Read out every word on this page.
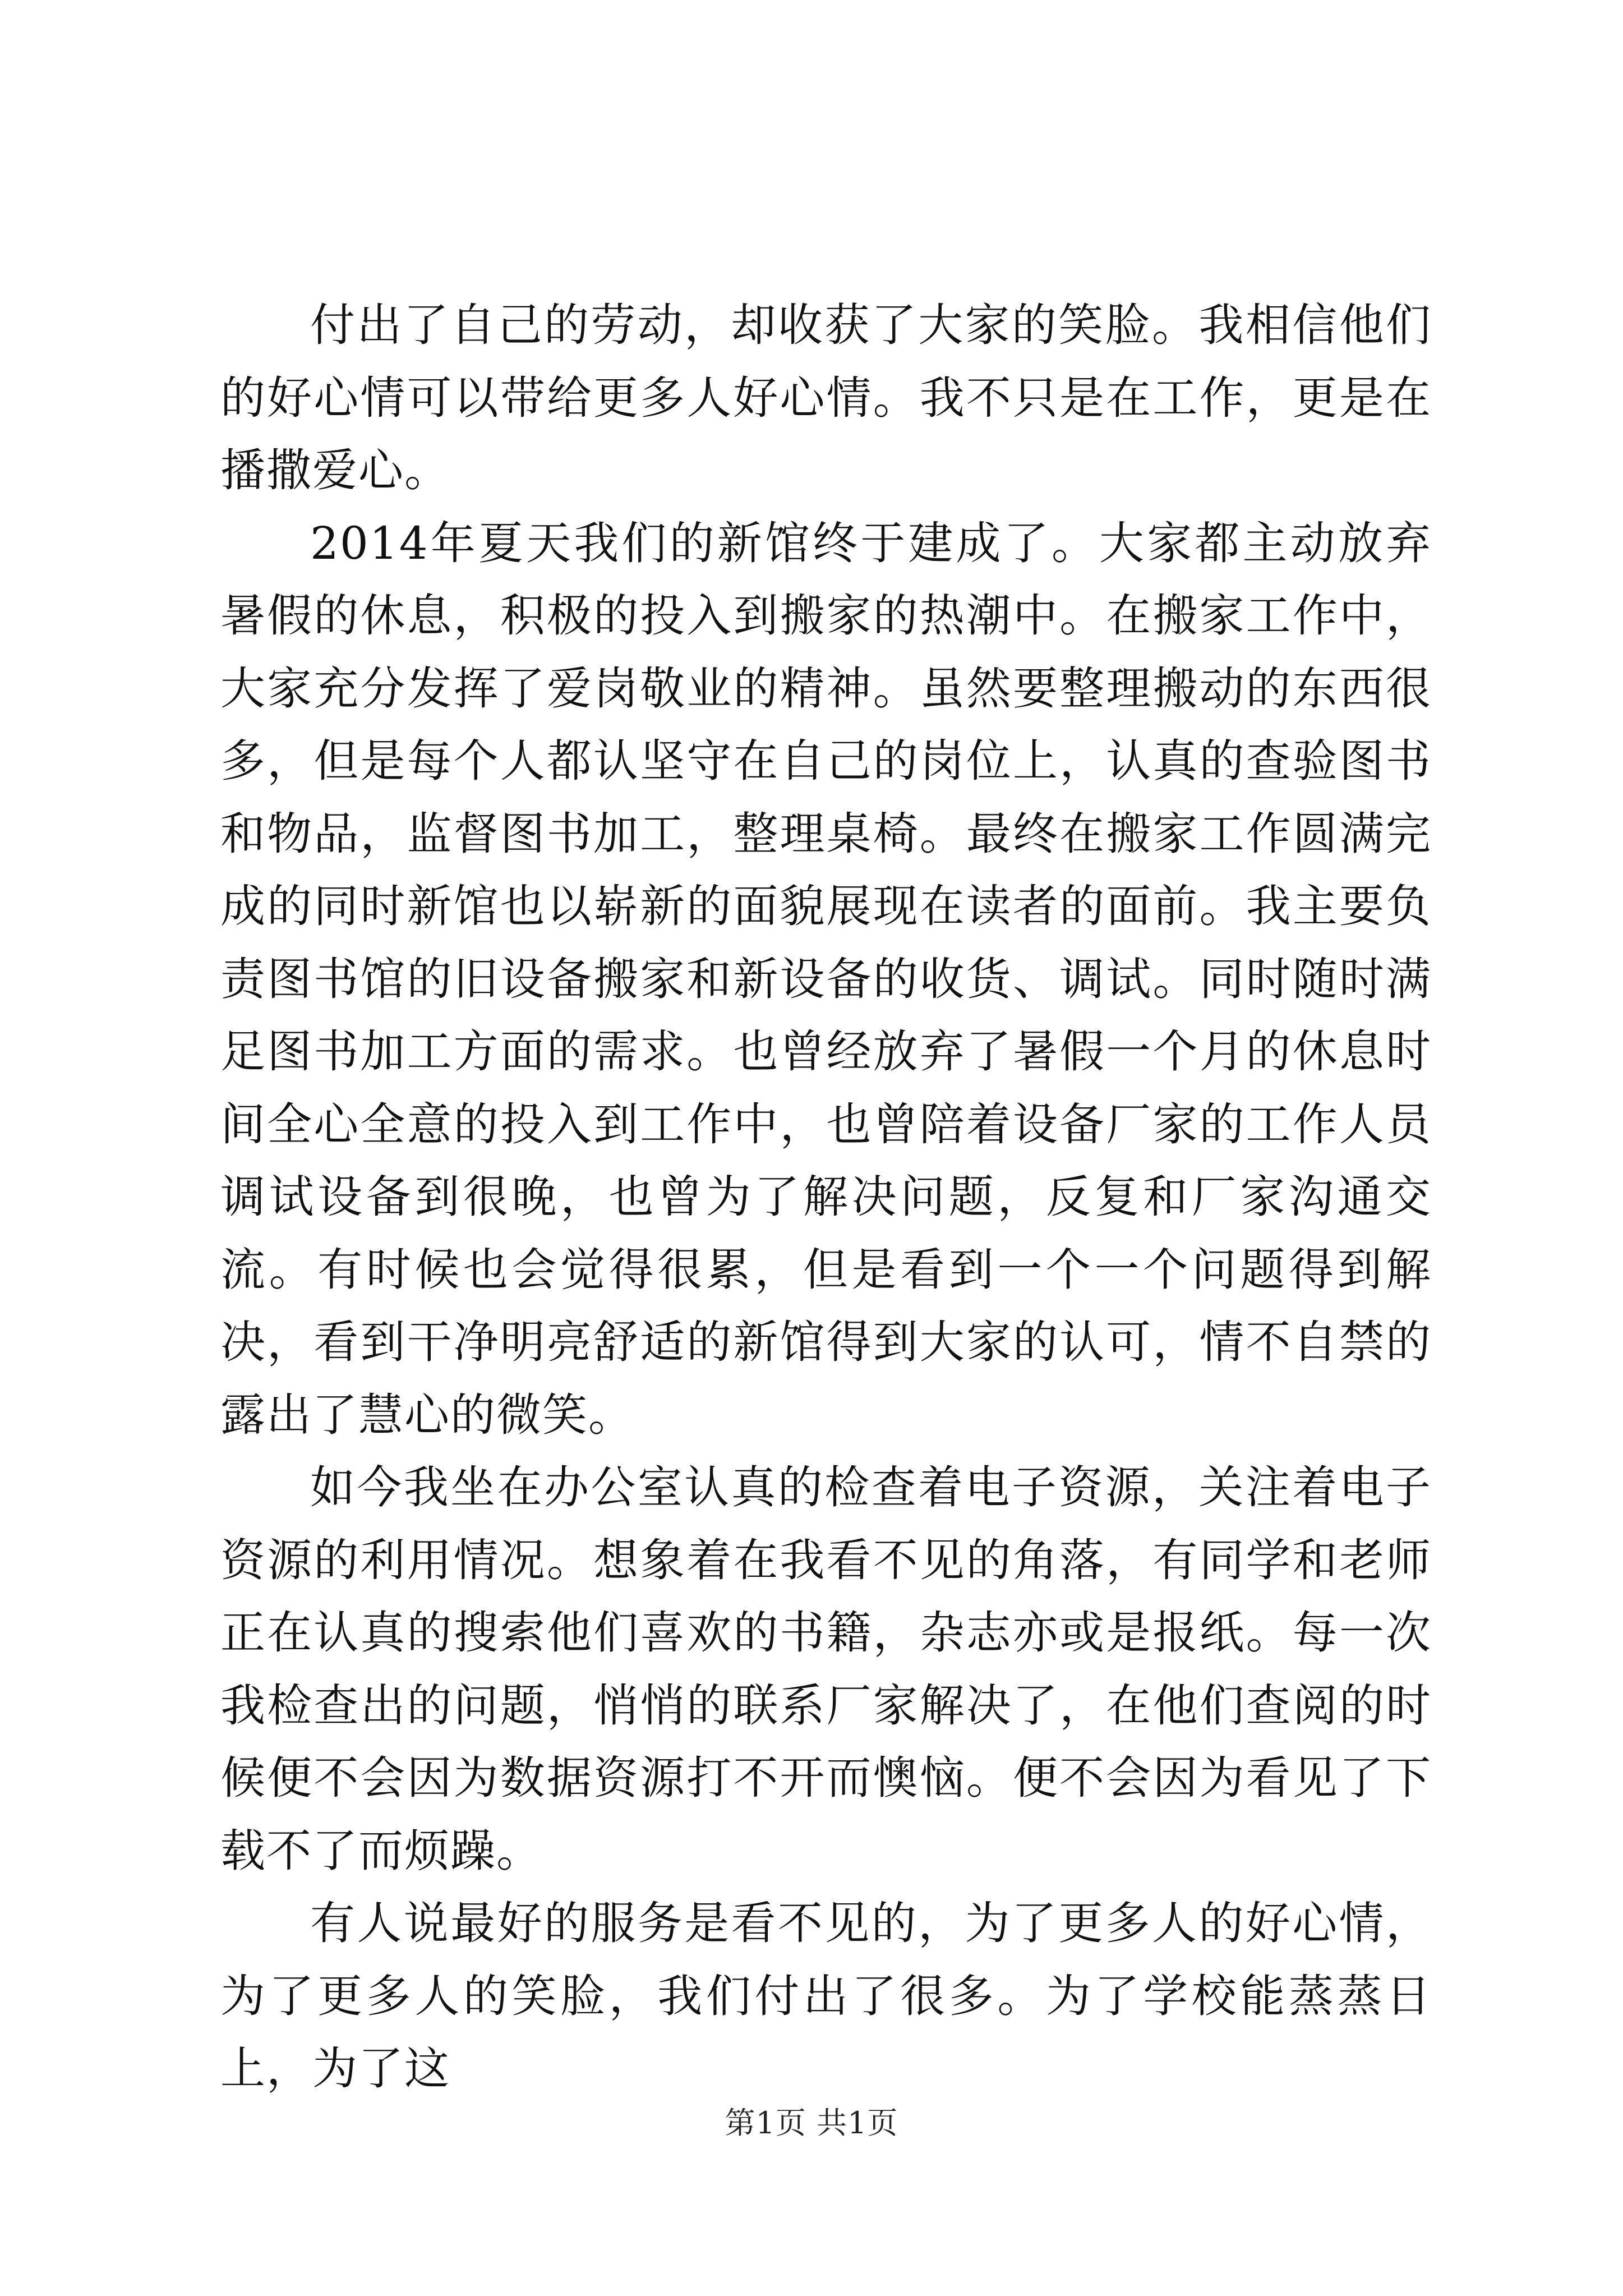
付出了自己的劳动，却收获了大家的笑脸。我相信他们的好心情可以带给更多人好心情。我不只是在工作，更是在播撒爱心。

2014年夏天我们的新馆终于建成了。大家都主动放弃暑假的休息，积极的投入到搬家的热潮中。在搬家工作中，大家充分发挥了爱岗敬业的精神。虽然要整理搬动的东西很多，但是每个人都认坚守在自己的岗位上，认真的查验图书和物品，监督图书加工，整理桌椅。最终在搬家工作圆满完成的同时新馆也以崭新的面貌展现在读者的面前。我主要负责图书馆的旧设备搬家和新设备的收货、调试。同时随时满足图书加工方面的需求。也曾经放弃了暑假一个月的休息时间全心全意的投入到工作中，也曾陪着设备厂家的工作人员调试设备到很晚，也曾为了解决问题，反复和厂家沟通交流。有时候也会觉得很累，但是看到一个一个问题得到解决，看到干净明亮舒适的新馆得到大家的认可，情不自禁的露出了慧心的微笑。

如今我坐在办公室认真的检查着电子资源，关注着电子资源的利用情况。想象着在我看不见的角落，有同学和老师正在认真的搜索他们喜欢的书籍，杂志亦或是报纸。每一次我检查出的问题，悄悄的联系厂家解决了，在他们查阅的时候便不会因为数据资源打不开而懊恼。便不会因为看见了下载不了而烦躁。

有人说最好的服务是看不见的，为了更多人的好心情，为了更多人的笑脸，我们付出了很多。为了学校能蒸蒸日上，为了这

第1页 共1页
